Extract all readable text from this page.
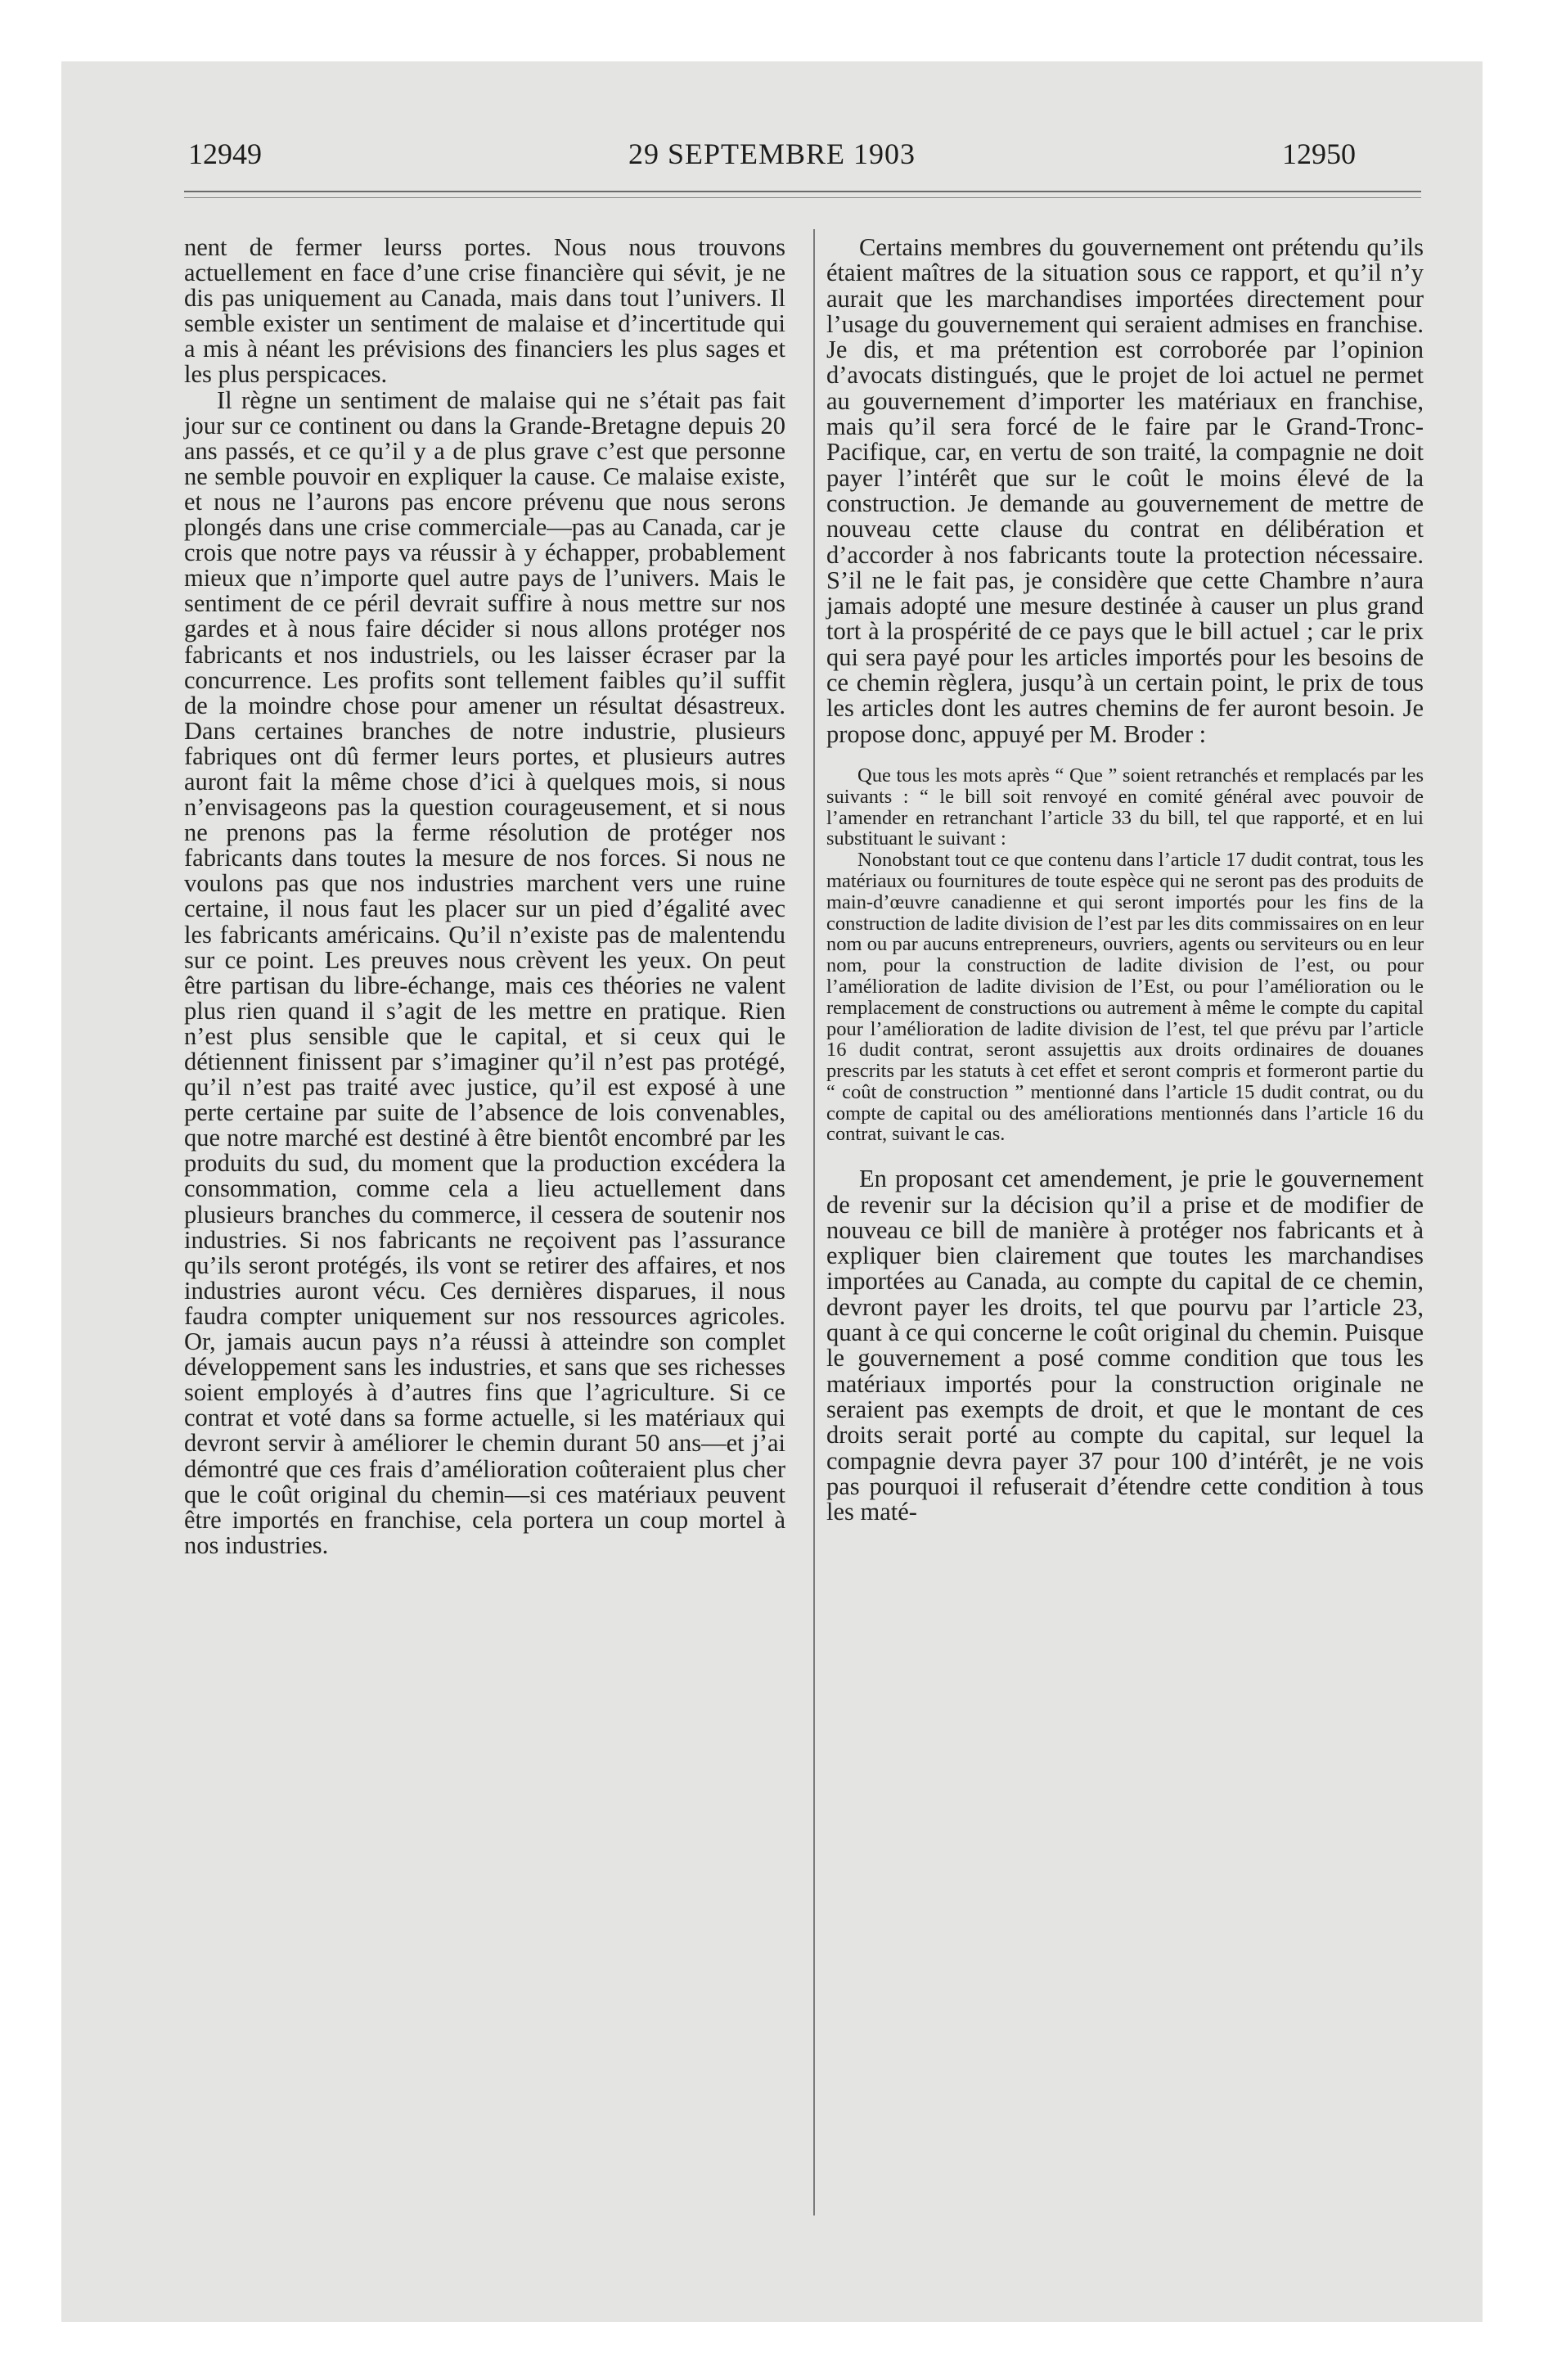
12949	29 SEPTEMBRE 1903	12950

nent de fermer leurss portes. Nous nous trouvons actuellement en face d’une crise financière qui sévit, je ne dis pas uniquement au Canada, mais dans tout l’univers. Il semble exister un sentiment de malaise et d’incertitude qui a mis à néant les prévisions des financiers les plus sages et les plus perspicaces.

Il règne un sentiment de malaise qui ne s’était pas fait jour sur ce continent ou dans la Grande-Bretagne depuis 20 ans passés, et ce qu’il y a de plus grave c’est que personne ne semble pouvoir en expliquer la cause. Ce malaise existe, et nous ne l’aurons pas encore prévenu que nous serons plongés dans une crise commerciale—pas au Canada, car je crois que notre pays va réussir à y échapper, probablement mieux que n’importe quel autre pays de l’univers. Mais le sentiment de ce péril devrait suffire à nous mettre sur nos gardes et à nous faire décider si nous allons protéger nos fabricants et nos industriels, ou les laisser écraser par la concurrence. Les profits sont tellement faibles qu’il suffit de la moindre chose pour amener un résultat désastreux. Dans certaines branches de notre industrie, plusieurs fabriques ont dû fermer leurs portes, et plusieurs autres auront fait la même chose d’ici à quelques mois, si nous n’envisageons pas la question courageusement, et si nous ne prenons pas la ferme résolution de protéger nos fabricants dans toutes la mesure de nos forces. Si nous ne voulons pas que nos industries marchent vers une ruine certaine, il nous faut les placer sur un pied d’égalité avec les fabricants américains. Qu’il n’existe pas de malentendu sur ce point. Les preuves nous crèvent les yeux. On peut être partisan du libre-échange, mais ces théories ne valent plus rien quand il s’agit de les mettre en pratique. Rien n’est plus sensible que le capital, et si ceux qui le détiennent finissent par s’imaginer qu’il n’est pas protégé, qu’il n’est pas traité avec justice, qu’il est exposé à une perte certaine par suite de l’absence de lois convenables, que notre marché est destiné à être bientôt encombré par les produits du sud, du moment que la production excédera la consommation, comme cela a lieu actuellement dans plusieurs branches du commerce, il cessera de soutenir nos industries. Si nos fabricants ne reçoivent pas l’assurance qu’ils seront protégés, ils vont se retirer des affaires, et nos industries auront vécu. Ces dernières disparues, il nous faudra compter uniquement sur nos ressources agricoles. Or, jamais aucun pays n’a réussi à atteindre son complet développement sans les industries, et sans que ses richesses soient employés à d’autres fins que l’agriculture. Si ce contrat et voté dans sa forme actuelle, si les matériaux qui devront servir à améliorer le chemin durant 50 ans—et j’ai démontré que ces frais d’amélioration coûteraient plus cher que le coût original du chemin—si ces matériaux peuvent être importés en franchise, cela portera un coup mortel à nos industries.

Certains membres du gouvernement ont prétendu qu’ils étaient maîtres de la situation sous ce rapport, et qu’il n’y aurait que les marchandises importées directement pour l’usage du gouvernement qui seraient admises en franchise. Je dis, et ma prétention est corroborée par l’opinion d’avocats distingués, que le projet de loi actuel ne permet au gouvernement d’importer les matériaux en franchise, mais qu’il sera forcé de le faire par le Grand-Tronc-Pacifique, car, en vertu de son traité, la compagnie ne doit payer l’intérêt que sur le coût le moins élevé de la construction. Je demande au gouvernement de mettre de nouveau cette clause du contrat en délibération et d’accorder à nos fabricants toute la protection nécessaire. S’il ne le fait pas, je considère que cette Chambre n’aura jamais adopté une mesure destinée à causer un plus grand tort à la prospérité de ce pays que le bill actuel ; car le prix qui sera payé pour les articles importés pour les besoins de ce chemin règlera, jusqu’à un certain point, le prix de tous les articles dont les autres chemins de fer auront besoin. Je propose donc, appuyé per M. Broder :

Que tous les mots après “ Que ” soient retranchés et remplacés par les suivants : “ le bill soit renvoyé en comité général avec pouvoir de l’amender en retranchant l’article 33 du bill, tel que rapporté, et en lui substituant le suivant :

Nonobstant tout ce que contenu dans l’article 17 dudit contrat, tous les matériaux ou fournitures de toute espèce qui ne seront pas des produits de main-d’œuvre canadienne et qui seront importés pour les fins de la construction de ladite division de l’est par les dits commissaires on en leur nom ou par aucuns entrepreneurs, ouvriers, agents ou serviteurs ou en leur nom, pour la construction de ladite division de l’est, ou pour l’amélioration de ladite division de l’Est, ou pour l’amélioration ou le remplacement de constructions ou autrement à même le compte du capital pour l’amélioration de ladite division de l’est, tel que prévu par l’article 16 dudit contrat, seront assujettis aux droits ordinaires de douanes prescrits par les statuts à cet effet et seront compris et formeront partie du “ coût de construction ” mentionné dans l’article 15 dudit contrat, ou du compte de capital ou des améliorations mentionnés dans l’article 16 du contrat, suivant le cas.

En proposant cet amendement, je prie le gouvernement de revenir sur la décision qu’il a prise et de modifier de nouveau ce bill de manière à protéger nos fabricants et à expliquer bien clairement que toutes les marchandises importées au Canada, au compte du capital de ce chemin, devront payer les droits, tel que pourvu par l’article 23, quant à ce qui concerne le coût original du chemin. Puisque le gouvernement a posé comme condition que tous les matériaux importés pour la construction originale ne seraient pas exempts de droit, et que le montant de ces droits serait porté au compte du capital, sur lequel la compagnie devra payer 37 pour 100 d’intérêt, je ne vois pas pourquoi il refuserait d’étendre cette condition à tous les maté-
